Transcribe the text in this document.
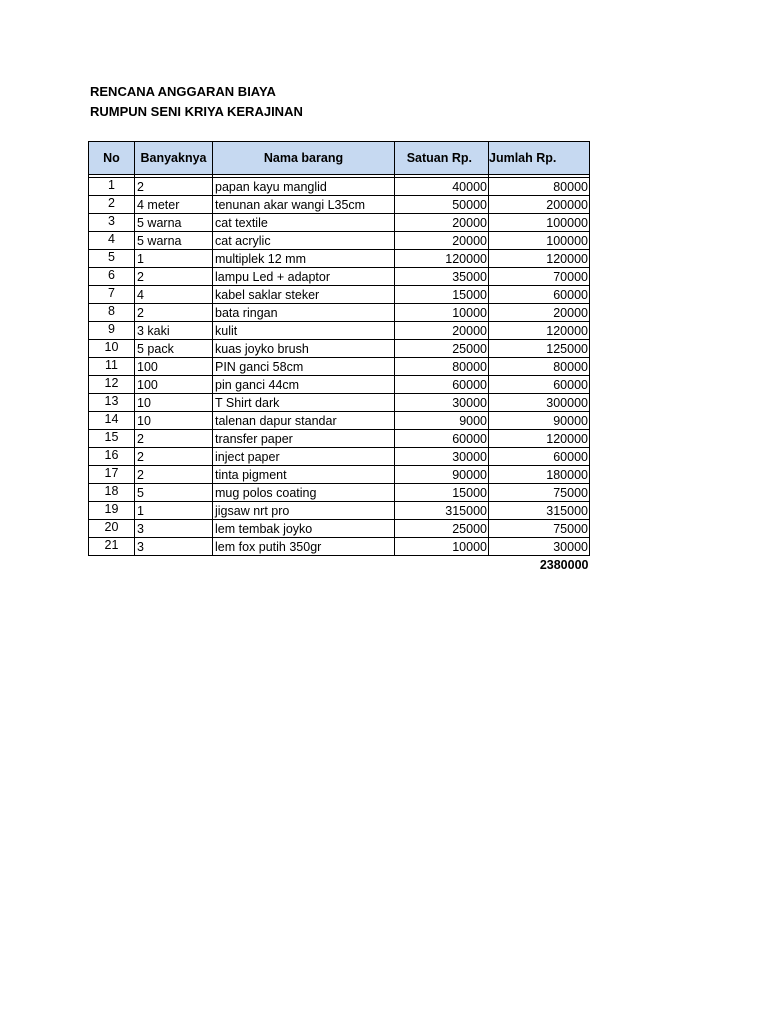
RENCANA ANGGARAN BIAYA
RUMPUN SENI KRIYA KERAJINAN
No	Banyaknya	Nama barang	Satuan Rp.	Jumlah Rp.

1	2	papan kayu manglid	40000	80000
2	4 meter	tenunan akar wangi L35cm	50000	200000
3	5 warna	cat textile	20000	100000
4	5 warna	cat acrylic	20000	100000
5	1	multiplek 12 mm	120000	120000
6	2	lampu Led + adaptor	35000	70000
7	4	kabel saklar steker	15000	60000
8	2	bata ringan	10000	20000
9	3 kaki	kulit	20000	120000
10	5 pack	kuas joyko brush	25000	125000
11	100	PIN ganci 58cm	80000	80000
12	100	pin ganci 44cm	60000	60000
13	10	T Shirt dark	30000	300000
14	10	talenan dapur standar	9000	90000
15	2	transfer paper	60000	120000
16	2	inject paper	30000	60000
17	2	tinta pigment	90000	180000
18	5	mug polos coating	15000	75000
19	1	jigsaw nrt pro	315000	315000
20	3	lem tembak joyko	25000	75000
21	3	lem fox putih 350gr	10000	30000
				2380000
